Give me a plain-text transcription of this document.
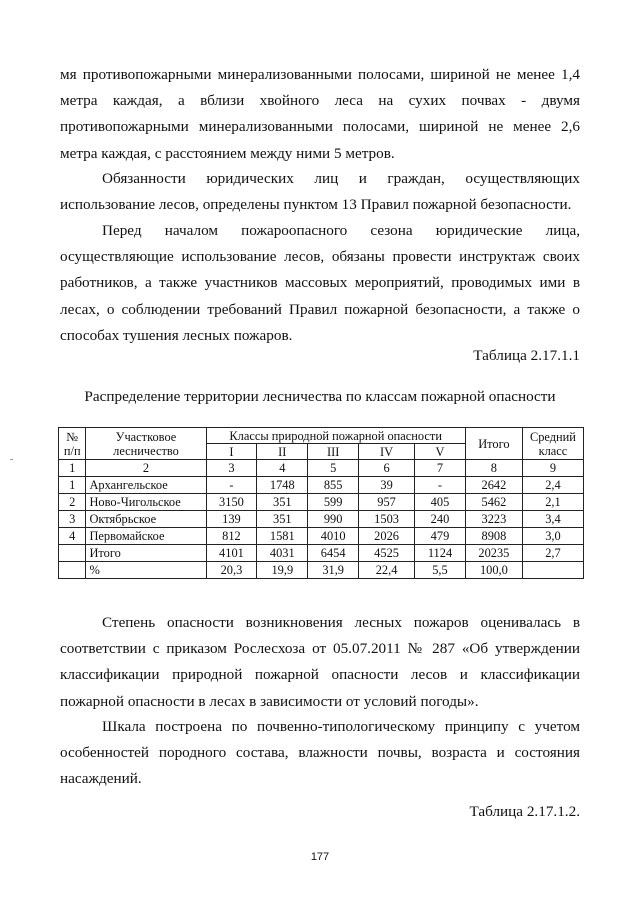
мя противопожарными минерализованными полосами, шириной не менее 1,4 метра каждая, а вблизи хвойного леса на сухих почвах - двумя противопожарными минерализованными полосами, шириной не менее 2,6 метра каждая, с расстоянием между ними 5 метров.

Обязанности юридических лиц и граждан, осуществляющих использование лесов, определены пунктом 13 Правил пожарной безопасности.

Перед началом пожароопасного сезона юридические лица, осуществляющие использование лесов, обязаны провести инструктаж своих работников, а также участников массовых мероприятий, проводимых ими в лесах, о соблюдении требований Правил пожарной безопасности, а также о способах тушения лесных пожаров.

Таблица 2.17.1.1

Распределение территории лесничества по классам пожарной опасности

№ п/п	Участковое лесничество	Классы природной пожарной опасности					Итого	Средний класс
		I	II	III	IV	V		
1	2	3	4	5	6	7	8	9
1	Архангельское	-	1748	855	39	-	2642	2,4
2	Ново-Чигольское	3150	351	599	957	405	5462	2,1
3	Октябрьское	139	351	990	1503	240	3223	3,4
4	Первомайское	812	1581	4010	2026	479	8908	3,0
	Итого	4101	4031	6454	4525	1124	20235	2,7
	%	20,3	19,9	31,9	22,4	5,5	100,0	

Степень опасности возникновения лесных пожаров оценивалась в соответствии с приказом Рослесхоза от 05.07.2011 № 287 «Об утверждении классификации природной пожарной опасности лесов и классификации пожарной опасности в лесах в зависимости от условий погоды».

Шкала построена по почвенно-типологическому принципу с учетом особенностей породного состава, влажности почвы, возраста и состояния насаждений.

Таблица 2.17.1.2.

177
